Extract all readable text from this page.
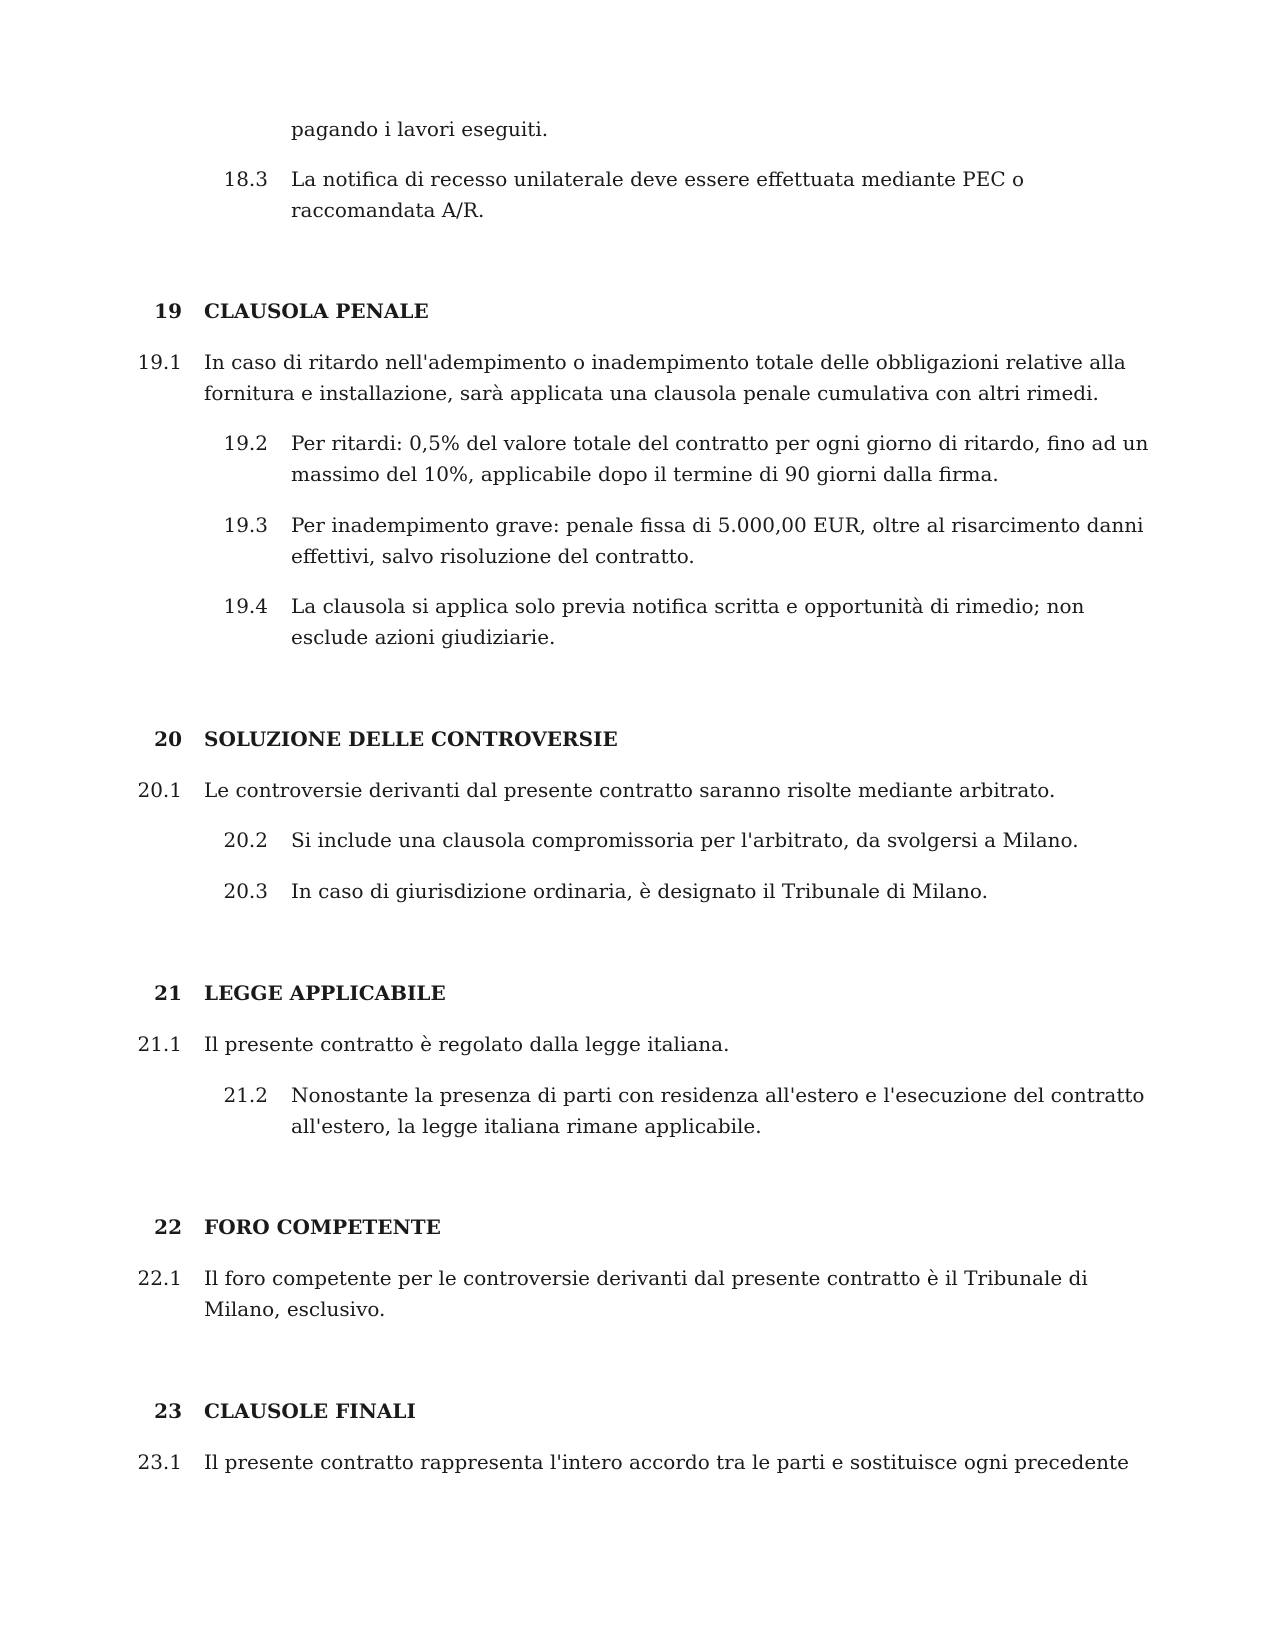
pagando i lavori eseguiti.
18.3 La notifica di recesso unilaterale deve essere effettuata mediante PEC o
raccomandata A/R.
19 CLAUSOLA PENALE
19.1 In caso di ritardo nell'adempimento o inadempimento totale delle obbligazioni relative alla
fornitura e installazione, sarà applicata una clausola penale cumulativa con altri rimedi.
19.2 Per ritardi: 0,5% del valore totale del contratto per ogni giorno di ritardo, fino ad un
massimo del 10%, applicabile dopo il termine di 90 giorni dalla firma.
19.3 Per inadempimento grave: penale fissa di 5.000,00 EUR, oltre al risarcimento danni
effettivi, salvo risoluzione del contratto.
19.4 La clausola si applica solo previa notifica scritta e opportunità di rimedio; non
esclude azioni giudiziarie.
20 SOLUZIONE DELLE CONTROVERSIE
20.1 Le controversie derivanti dal presente contratto saranno risolte mediante arbitrato.
20.2 Si include una clausola compromissoria per l'arbitrato, da svolgersi a Milano.
20.3 In caso di giurisdizione ordinaria, è designato il Tribunale di Milano.
21 LEGGE APPLICABILE
21.1 Il presente contratto è regolato dalla legge italiana.
21.2 Nonostante la presenza di parti con residenza all'estero e l'esecuzione del contratto
all'estero, la legge italiana rimane applicabile.
22 FORO COMPETENTE
22.1 Il foro competente per le controversie derivanti dal presente contratto è il Tribunale di
Milano, esclusivo.
23 CLAUSOLE FINALI
23.1 Il presente contratto rappresenta l'intero accordo tra le parti e sostituisce ogni precedente
